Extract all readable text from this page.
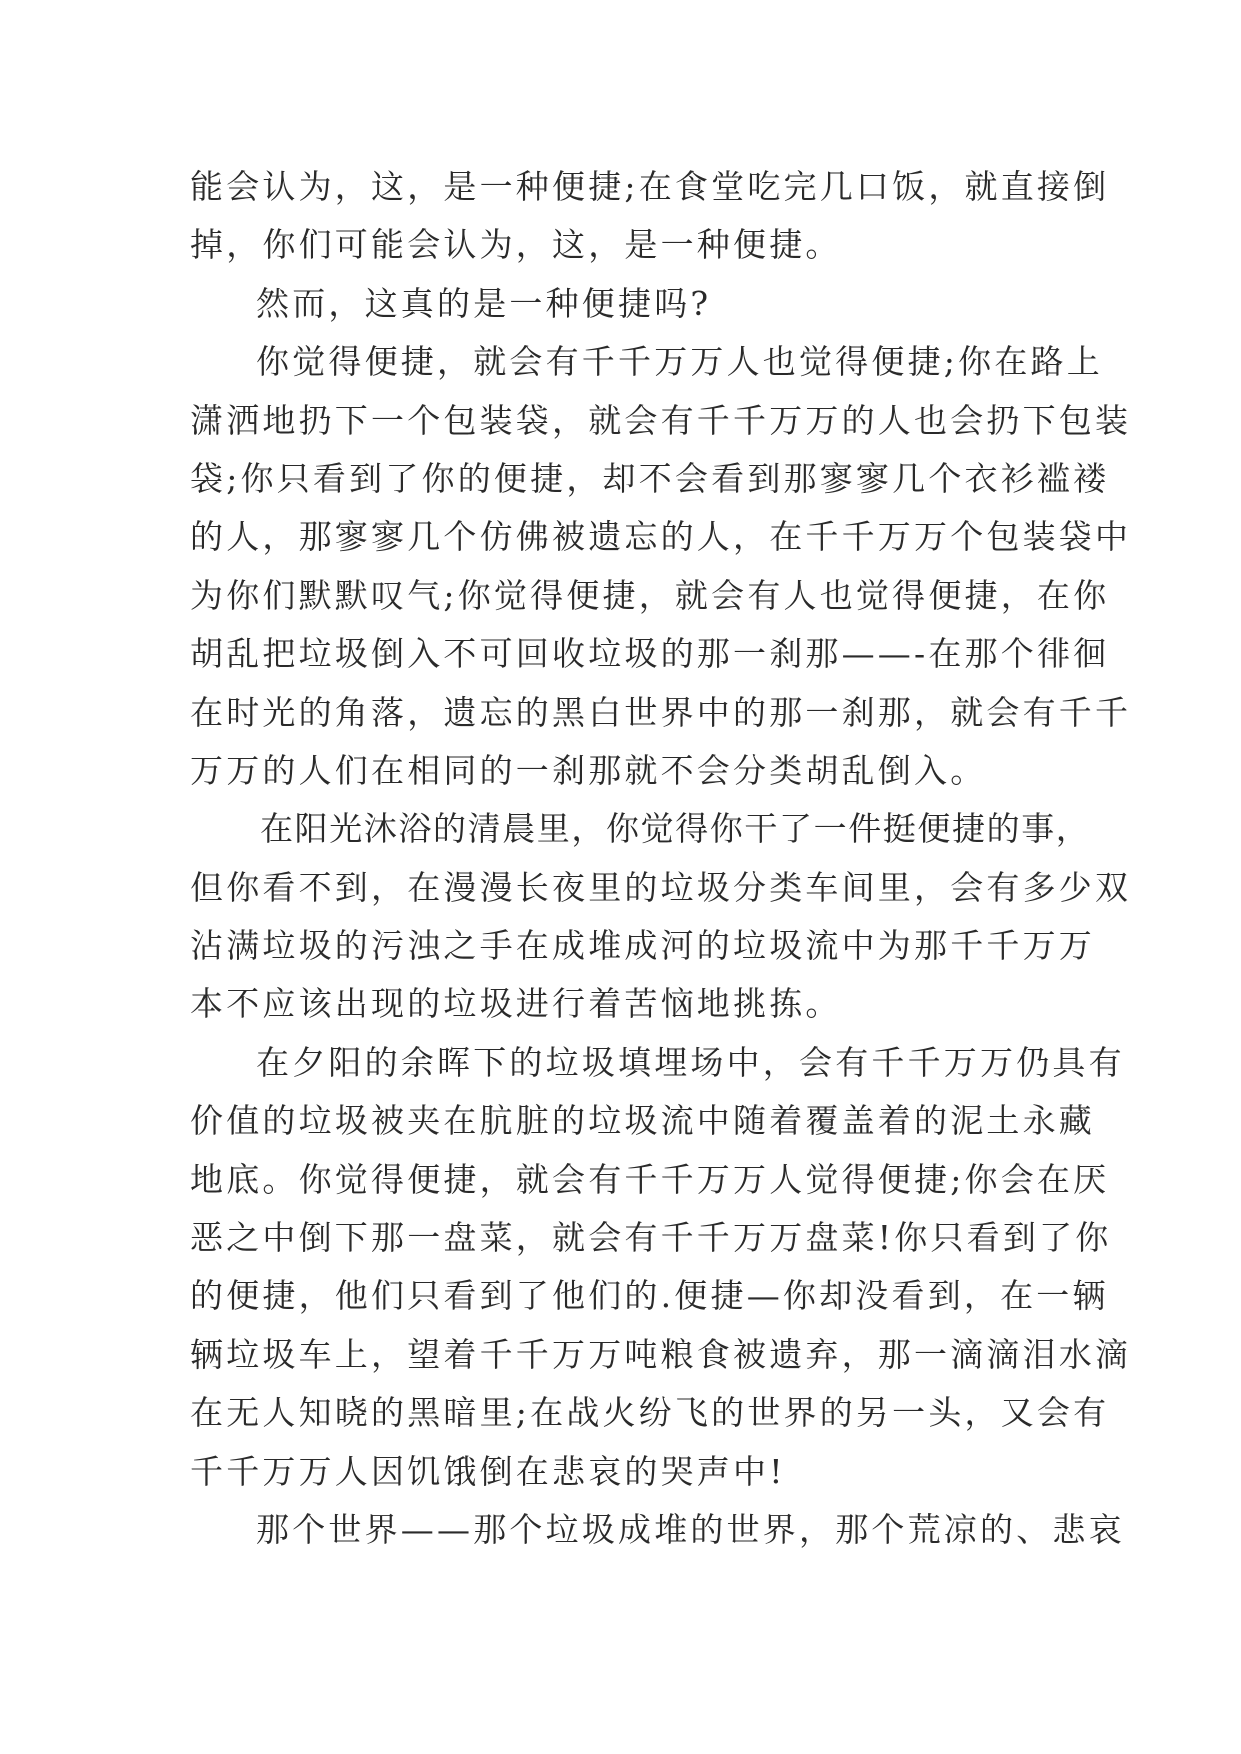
能会认为，这，是一种便捷;在食堂吃完几口饭，就直接倒
掉，你们可能会认为，这，是一种便捷。
然而，这真的是一种便捷吗?
你觉得便捷，就会有千千万万人也觉得便捷;你在路上
潇洒地扔下一个包装袋，就会有千千万万的人也会扔下包装
袋;你只看到了你的便捷，却不会看到那寥寥几个衣衫褴褛
的人，那寥寥几个仿佛被遗忘的人，在千千万万个包装袋中
为你们默默叹气;你觉得便捷，就会有人也觉得便捷，在你
胡乱把垃圾倒入不可回收垃圾的那一刹那——-在那个徘徊
在时光的角落，遗忘的黑白世界中的那一刹那，就会有千千
万万的人们在相同的一刹那就不会分类胡乱倒入。
在阳光沐浴的清晨里，你觉得你干了一件挺便捷的事，
但你看不到，在漫漫长夜里的垃圾分类车间里，会有多少双
沾满垃圾的污浊之手在成堆成河的垃圾流中为那千千万万
本不应该出现的垃圾进行着苦恼地挑拣。
在夕阳的余晖下的垃圾填埋场中，会有千千万万仍具有
价值的垃圾被夹在肮脏的垃圾流中随着覆盖着的泥土永藏
地底。你觉得便捷，就会有千千万万人觉得便捷;你会在厌
恶之中倒下那一盘菜，就会有千千万万盘菜!你只看到了你
的便捷，他们只看到了他们的.便捷—你却没看到，在一辆
辆垃圾车上，望着千千万万吨粮食被遗弃，那一滴滴泪水滴
在无人知晓的黑暗里;在战火纷飞的世界的另一头，又会有
千千万万人因饥饿倒在悲哀的哭声中!
那个世界——那个垃圾成堆的世界，那个荒凉的、悲哀
